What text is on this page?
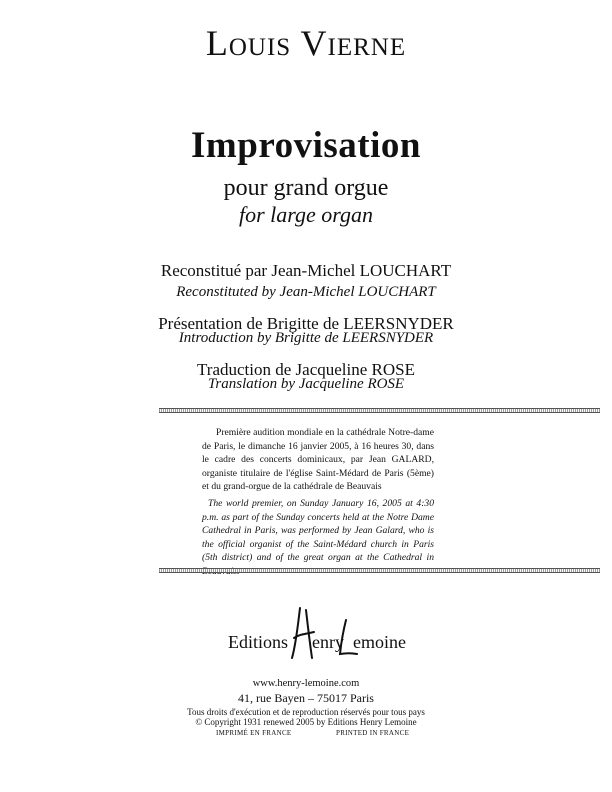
Louis Vierne
Improvisation
pour grand orgue
for large organ
Reconstitué par Jean-Michel LOUCHART
Reconstituted by Jean-Michel LOUCHART
Présentation de Brigitte de LEERSNYDER
Introduction by Brigitte de LEERSNYDER
Traduction de Jacqueline ROSE
Translation by Jacqueline ROSE

Première audition mondiale en la cathédrale Notre-dame de Paris, le dimanche 16 janvier 2005, à 16 heures 30, dans le cadre des concerts dominicaux, par Jean GALARD, organiste titulaire de l'église Saint-Médard de Paris (5ème) et du grand-orgue de la cathédrale de Beauvais

The world premier, on Sunday January 16, 2005 at 4:30 p.m. as part of the Sunday concerts held at the Notre Dame Cathedral in Paris, was performed by Jean Galard, who is the official organist of the Saint-Médard church in Paris (5th district) and of the great organ at the Cathedral in

Editions enry emoine
www.henry-lemoine.com
41, rue Bayen – 75017 Paris
Tous droits d'exécution et de reproduction réservés pour tous pays
© Copyright 1931 renewed 2005 by Editions Henry Lemoine
IMPRIMÉ EN FRANCE	PRINTED IN FRANCE
